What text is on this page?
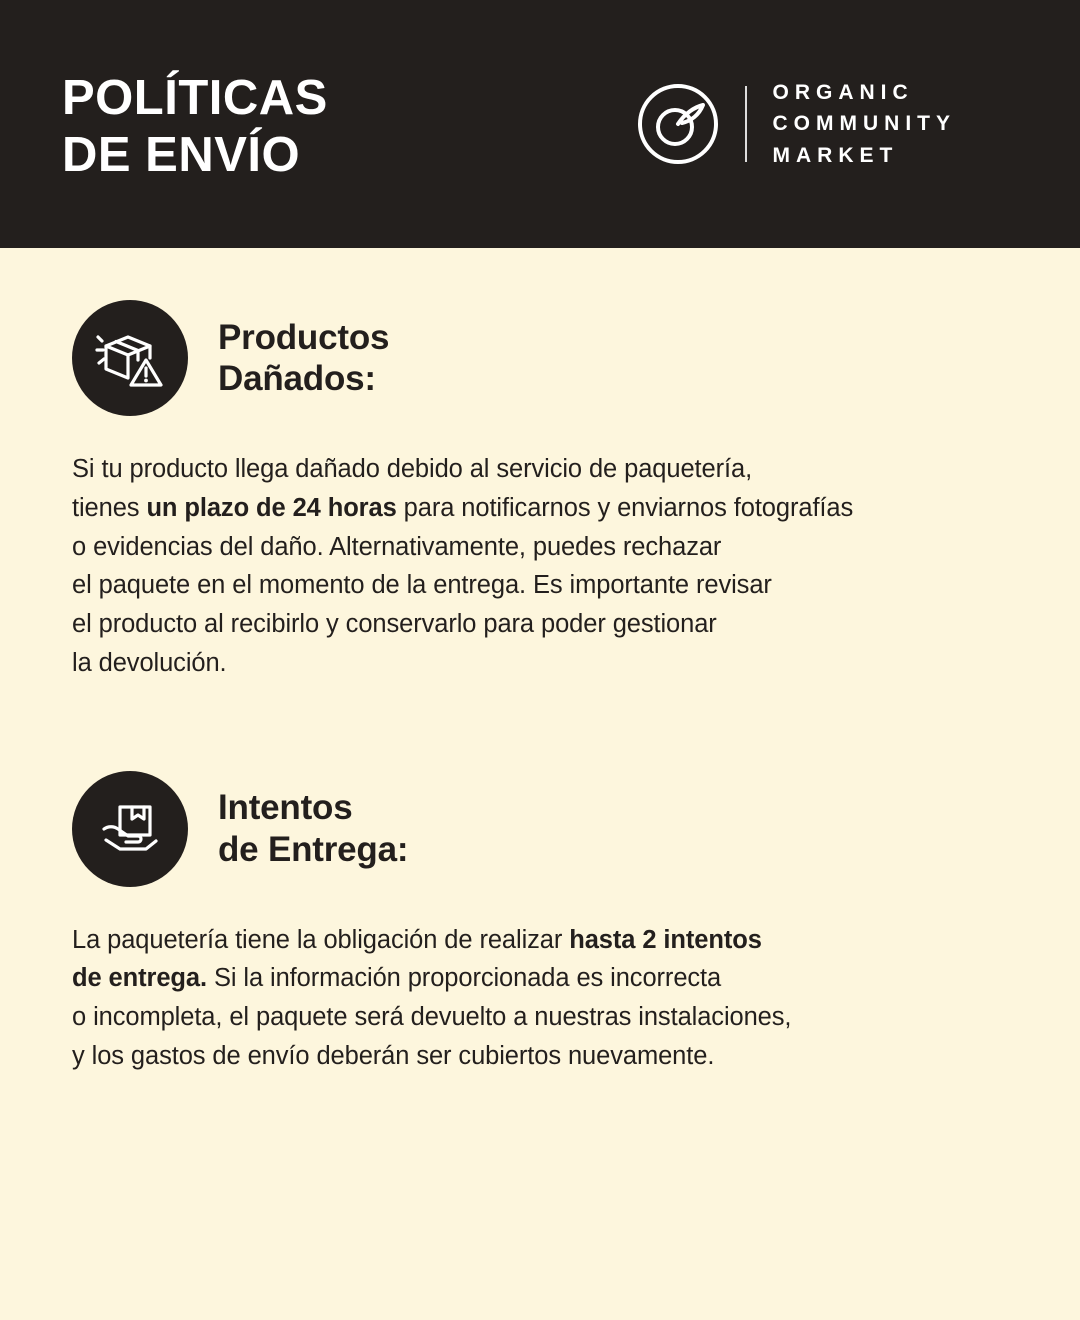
POLÍTICAS
DE ENVÍO
ORGANIC
COMMUNITY
MARKET
Productos
Dañados:

Si tu producto llega dañado debido al servicio de paquetería,
tienes un plazo de 24 horas para notificarnos y enviarnos fotografías
o evidencias del daño. Alternativamente, puedes rechazar
el paquete en el momento de la entrega. Es importante revisar
el producto al recibirlo y conservarlo para poder gestionar
la devolución.

Intentos
de Entrega:

La paquetería tiene la obligación de realizar hasta 2 intentos
de entrega. Si la información proporcionada es incorrecta
o incompleta, el paquete será devuelto a nuestras instalaciones,
y los gastos de envío deberán ser cubiertos nuevamente.
